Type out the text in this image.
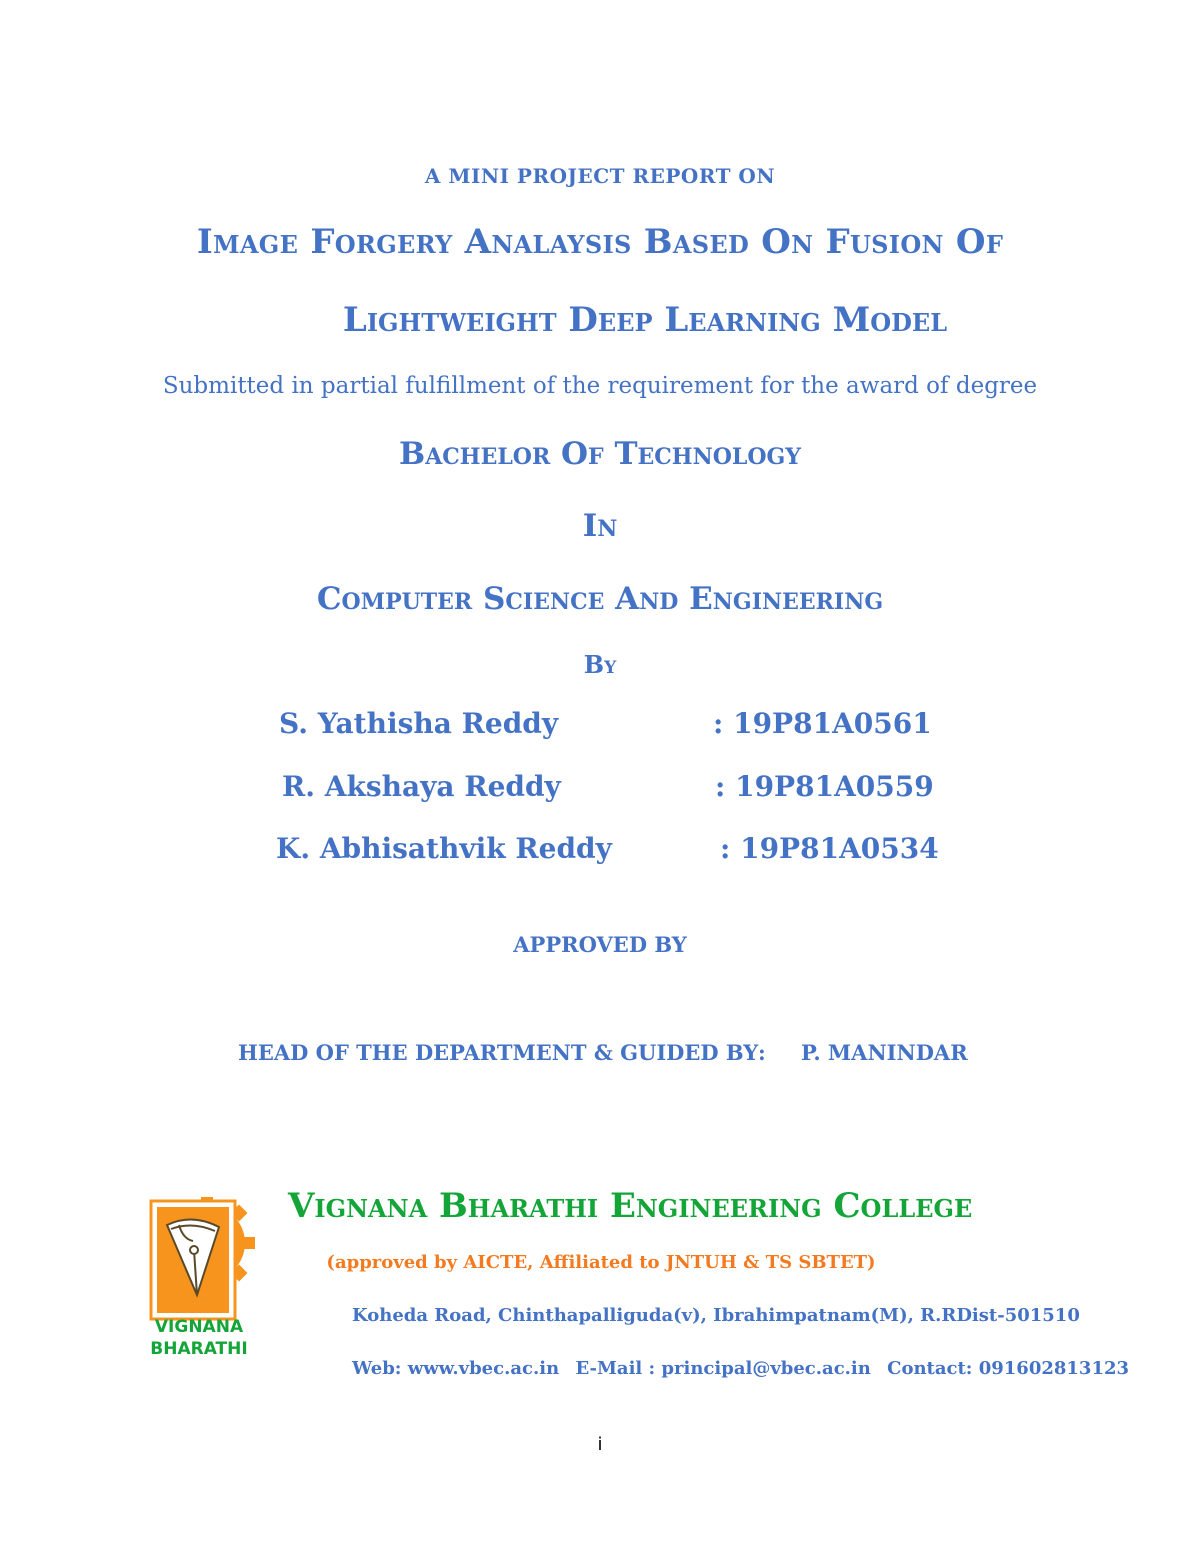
A MINI PROJECT REPORT ON

Image Forgery Analaysis Based On Fusion Of

Lightweight Deep Learning Model

Submitted in partial fulfillment of the requirement for the award of degree

Bachelor Of Technology

In

Computer Science And Engineering

By

S. Yathisha Reddy	: 19P81A0561

R. Akshaya Reddy	: 19P81A0559

K. Abhisathvik Reddy	: 19P81A0534

APPROVED BY

HEAD OF THE DEPARTMENT & GUIDED BY : P. MANINDAR
VIGNANA
BHARATHI
Vignana Bharathi Engineering College
(approved by AICTE, Affiliated to JNTUH & TS SBTET)
Koheda Road, Chinthapalliguda(v), Ibrahimpatnam(M), R.RDist-501510
Web: www.vbec.ac.in E-Mail : principal@vbec.ac.in Contact: 091602813123
i
